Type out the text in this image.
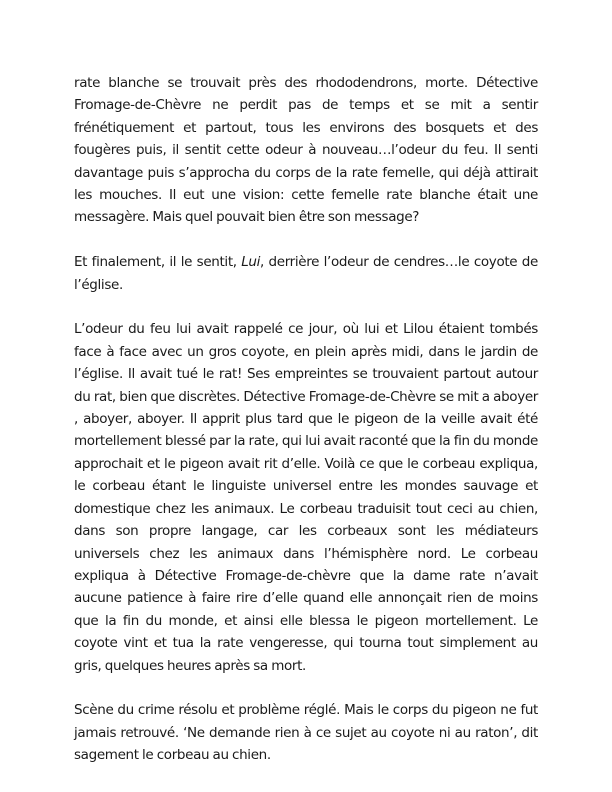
rate blanche se trouvait près des rhododendrons, morte. Détective Fromage-de-Chèvre ne perdit pas de temps et se mit a sentir frénétiquement et partout, tous les environs des bosquets et des fougères puis, il sentit cette odeur à nouveau…l’odeur du feu. Il senti davantage puis s’approcha du corps de la rate femelle, qui déjà attirait les mouches. Il eut une vision: cette femelle rate blanche était une messagère. Mais quel pouvait bien être son message?

Et finalement, il le sentit, Lui, derrière l’odeur de cendres…le coyote de l’église.

L’odeur du feu lui avait rappelé ce jour, où lui et Lilou étaient tombés face à face avec un gros coyote, en plein après midi, dans le jardin de l’église. Il avait tué le rat! Ses empreintes se trouvaient partout autour du rat, bien que discrètes. Détective Fromage-de-Chèvre se mit a aboyer , aboyer, aboyer. Il apprit plus tard que le pigeon de la veille avait été mortellement blessé par la rate, qui lui avait raconté que la fin du monde approchait et le pigeon avait rit d’elle. Voilà ce que le corbeau expliqua, le corbeau étant le linguiste universel entre les mondes sauvage et domestique chez les animaux. Le corbeau traduisit tout ceci au chien, dans son propre langage, car les corbeaux sont les médiateurs universels chez les animaux dans l’hémisphère nord. Le corbeau expliqua à Détective Fromage-de-chèvre que la dame rate n’avait aucune patience à faire rire d’elle quand elle annonçait rien de moins que la fin du monde, et ainsi elle blessa le pigeon mortellement. Le coyote vint et tua la rate vengeresse, qui tourna tout simplement au gris, quelques heures après sa mort.

Scène du crime résolu et problème réglé. Mais le corps du pigeon ne fut jamais retrouvé. ‘Ne demande rien à ce sujet au coyote ni au raton’, dit sagement le corbeau au chien.
